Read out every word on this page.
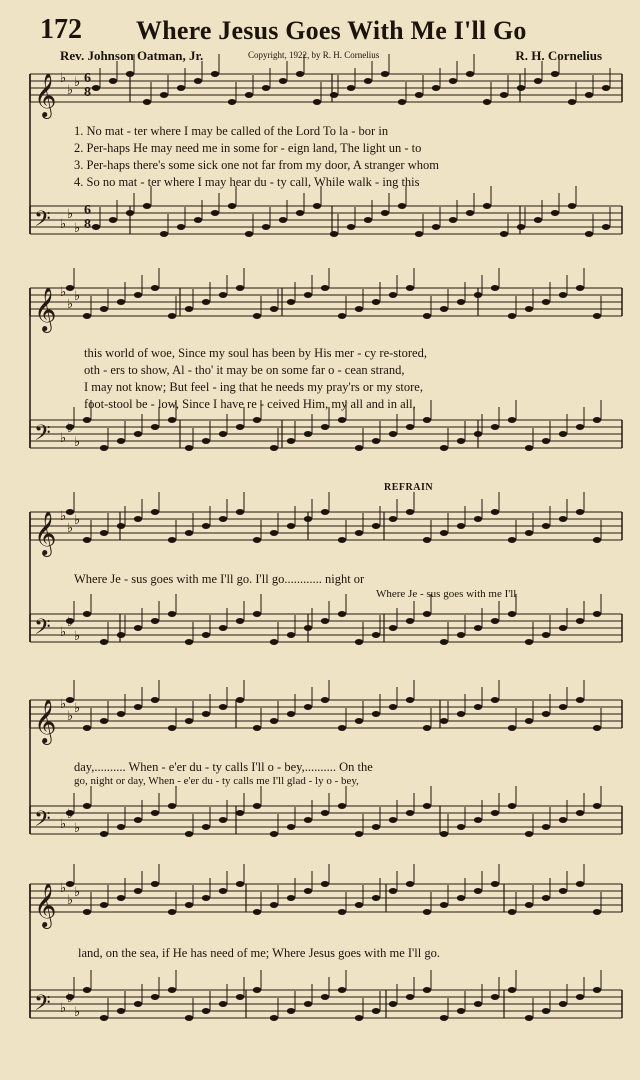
172 Where Jesus Goes With Me I'll Go
Rev. Johnson Oatman, Jr.	Copyright, 1922, by R. H. Cornelius	R. H. Cornelius
𝄞 ♭
♭
♭
𝄢 ♭
♭
♭
𝄞 ♭
♭
♭
𝄢 ♭ ♭
𝄞 ♭
♭
♭
𝄢 ♭ ♭
𝄞 ♭
♭
♭
𝄢 ♭ ♭
𝄞 ♭
♭
♭
𝄢 ♭ ♭
6
6
8
8
1. No mat - ter where I may be called of the Lord To la - bor in
2. Per-haps He may need me in some for - eign land, The light un - to
3. Per-haps there's some sick one not far from my door, A stranger whom
4. So no mat - ter where I may hear du - ty call, While walk - ing this
this world of woe, Since my soul has been by His mer - cy re-stored,
oth - ers to show, Al - tho' it may be on some far o - cean strand,
I may not know; But feel - ing that he needs my pray'rs or my store,
foot-stool be - low, Since I have re - ceived Him, my all and in all,
REFRAIN
Where Je - sus goes with me I'll go. I'll go............ night or
Where Je - sus goes with me I'll
day,.......... When - e'er du - ty calls I'll o - bey,.......... On the
go, night or day, When - e'er du - ty calls me I'll glad - ly o - bey,
land, on the sea, if He has need of me; Where Jesus goes with me I'll go.
